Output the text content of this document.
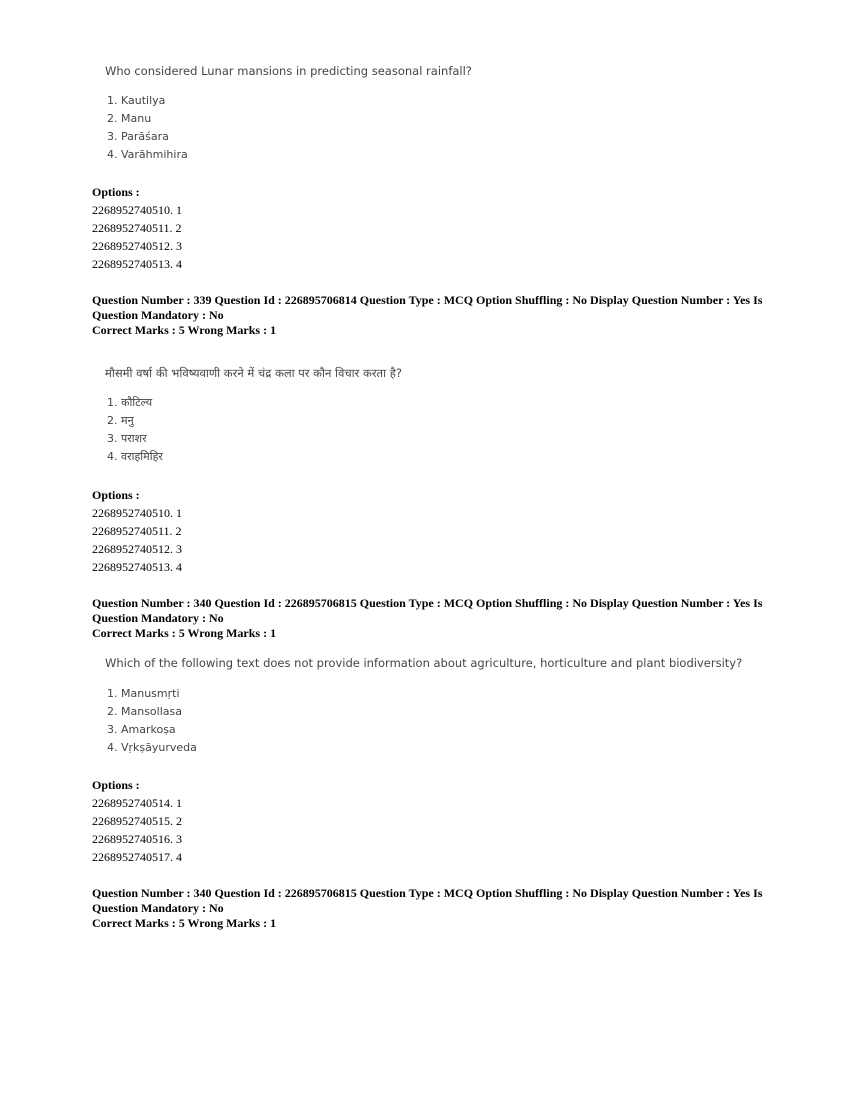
Who considered Lunar mansions in predicting seasonal rainfall?
1. Kautilya
2. Manu
3. Parāśara
4. Varāhmihira
Options :
2268952740510. 1
2268952740511. 2
2268952740512. 3
2268952740513. 4
Question Number : 339 Question Id : 226895706814 Question Type : MCQ Option Shuffling : No Display Question Number : Yes Is Question Mandatory : No
Correct Marks : 5 Wrong Marks : 1
मौसमी वर्षा की भविष्यवाणी करने में चंद्र कला पर कौन विचार करता है?
1. कौटिल्य
2. मनु
3. पराशर
4. वराहमिहिर
Options :
2268952740510. 1
2268952740511. 2
2268952740512. 3
2268952740513. 4
Question Number : 340 Question Id : 226895706815 Question Type : MCQ Option Shuffling : No Display Question Number : Yes Is Question Mandatory : No
Correct Marks : 5 Wrong Marks : 1
Which of the following text does not provide information about agriculture, horticulture and plant biodiversity?
1. Manusmṛti
2. Mansollasa
3. Amarkoṣa
4. Vṛkṣāyurveda
Options :
2268952740514. 1
2268952740515. 2
2268952740516. 3
2268952740517. 4
Question Number : 340 Question Id : 226895706815 Question Type : MCQ Option Shuffling : No Display Question Number : Yes Is Question Mandatory : No
Correct Marks : 5 Wrong Marks : 1
